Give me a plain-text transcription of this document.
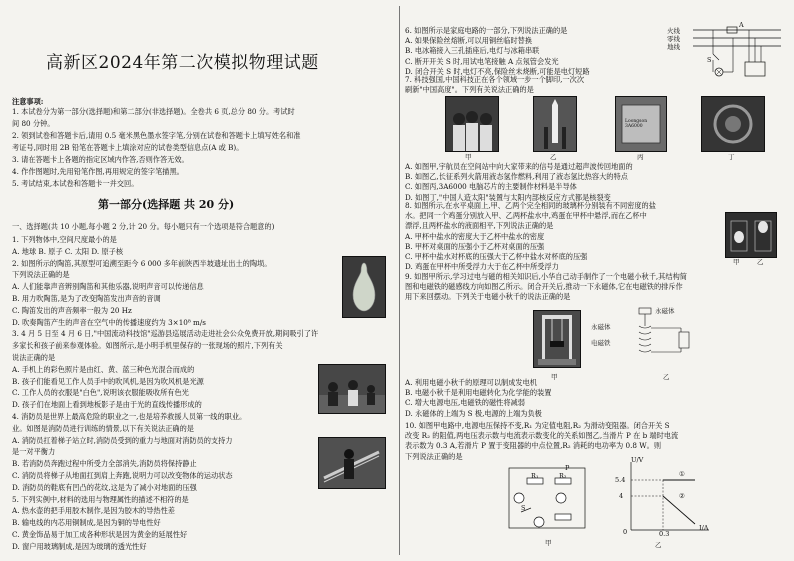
高新区2024年第二次模拟物理试题
注意事项:
1. 本试卷分为第一部分(选择题)和第二部分(非选择题)。全卷共 6 页,总分 80 分。考试时
间 80 分钟。
2. 领到试卷和答题卡后,请用 0.5 毫米黑色墨水签字笔,分别在试卷和答题卡上填写姓名和准
考证号,同时用 2B 铅笔在答题卡上填涂对应的试卷类型信息点(A 或 B)。
3. 请在答题卡上各题的指定区域内作答,否则作答无效。
4. 作作图题时,先用铅笔作图,再用规定的签字笔描黑。
5. 考试结束,本试卷和答题卡一并交回。
第一部分(选择题 共 20 分)
一、选择题(共 10 小题,每小题 2 分,计 20 分。每小题只有一个选项是符合题意的)
1. 下列物体中,空间尺度最小的是
A. 地球 B. 原子 C. 太阳 D. 原子核
2. 如图所示的陶笛,其原型可追溯至距今 6 000 多年前陕西半坡遗址出土的陶埙。
下列说法正确的是
A. 人们能靠声音辨别陶笛和其他乐器,说明声音可以传递信息
B. 用力吹陶笛,是为了改变陶笛发出声音的音调
C. 陶笛发出的声音频率一般为 20 Hz
D. 吹奏陶笛产生的声音在空气中的传播速度约为 3×10⁸ m/s
3. 4 月 5 日至 4 月 6 日,"中国流动科技馆"巡游县巡展活动走进社会公众免费开放,期间吸引了许
多家长和孩子前来参观体验。如图所示,是小明手机里保存的一张现场的照片,下列有关
说法正确的是
A. 手机上的彩色照片是由红、黄、蓝三种色光混合而成的
B. 孩子们能看见工作人员手中的吹风机,是因为吹风机是光源
C. 工作人员的衣服是"白色",说明该衣服能吸收所有色光
D. 孩子们在地面上看到地板影子是由于光的直线传播形成的
4. 消防员是世界上最高危险的职业之一,也是培养救援人员第一线的职业。
业。如图是消防员进行训练的情景,以下有关说法正确的是
A. 消防员扛着梯子站立时,消防员受到的重力与地面对消防员的支持力
是一对平衡力
B. 若消防员奔跑过程中所受力全部消失,消防员将保持静止
C. 消防员将梯子从地面扛到肩上奔跑,说明力可以改变物体的运动状态
D. 消防员的鞋底有凹凸的花纹,这是为了减小对地面的压强
5. 下列实例中,材料的选用与物理属性的描述不相符的是
A. 热水壶的把手用胶木制作,是因为胶木的导热性差
B. 输电线的内芯用铜制成,是因为铜的导电性好
C. 黄金饰品易于加工成各种形状是因为黄金的延展性好
D. 窗户用玻璃制成,是因为玻璃的透光性好
6. 如图所示是家庭电路的一部分,下列说法正确的是
A. 如果保险丝熔断,可以用铜丝临时替换
B. 电冰箱接入三孔插座后,电灯与冰箱串联
C. 断开开关 S 时,用试电笔接触 A 点氖管会发光
D. 闭合开关 S 时,电灯不亮,保险丝未烧断,可能是电灯短路
7. 科技强国,中国科技正在各个领域一步一个脚印,一次次
刷新"中国高度"。下列有关说法正确的是
A. 如图甲,宇航员在空间站中向大家带来的信号是通过超声波传回地面的
B. 如图乙,长征系列火箭用液态氢作燃料,利用了液态氢比热容大的特点
C. 如图丙,3A6000 电脑芯片的主要制作材料是半导体
D. 如图丁,"中国人造太阳"装置与太阳内部核反应方式都是核裂变
8. 如图所示,在水平桌面上,甲、乙两个完全相同的玻璃杯分别装有不同密度的盐
水。把同一个鸡蛋分别放入甲、乙两杯盐水中,鸡蛋在甲杯中悬浮,而在乙杯中
漂浮,且两杯盐水的液面相平,下列说法正确的是
A. 甲杯中盐水的密度大于乙杯中盐水的密度
B. 甲杯对桌面的压强小于乙杯对桌面的压强
C. 甲杯中盐水对杯底的压强大于乙杯中盐水对杯底的压强
D. 鸡蛋在甲杯中所受浮力大于在乙杯中所受浮力
9. 如图甲所示,学习过电与磁的相关知识后,小华自己动手制作了一个电磁小秋千,其结构简
图和电磁铁的磁感线方向如图乙所示。闭合开关后,推动一下永磁体,它在电磁铁的排斥作
用下来回摆动。下列关于电磁小秋千的说法正确的是
A. 利用电磁小秋千的原理可以制成发电机
B. 电磁小秋千是利用电磁转化为化学能的装置
C. 增大电源电压,电磁铁的磁性将减弱
D. 永磁体的上端为 S 极,电源的上端为负极
10. 如图甲电路中,电源电压保持不变,R₁ 为定值电阻,R₂ 为滑动变阻器。闭合开关 S
改变 R₂ 的阻值,两电压表示数与电流表示数变化的关系如图乙,当滑片 P 在 b 端时电流
表示数为 0.3 A,若滑片 P 置于变阻器的中点位置,R₂ 消耗的电功率为 0.8 W。则
下列说法正确的是
火线
零线
地线
S
A
Loongson 3A6000
甲	乙	丙	丁
甲	乙
永磁体
电磁铁
永磁体
甲	乙
R₁	R₂
S
P
甲
U/V
I/A
5.4
4
0.3
0
①
②
乙
